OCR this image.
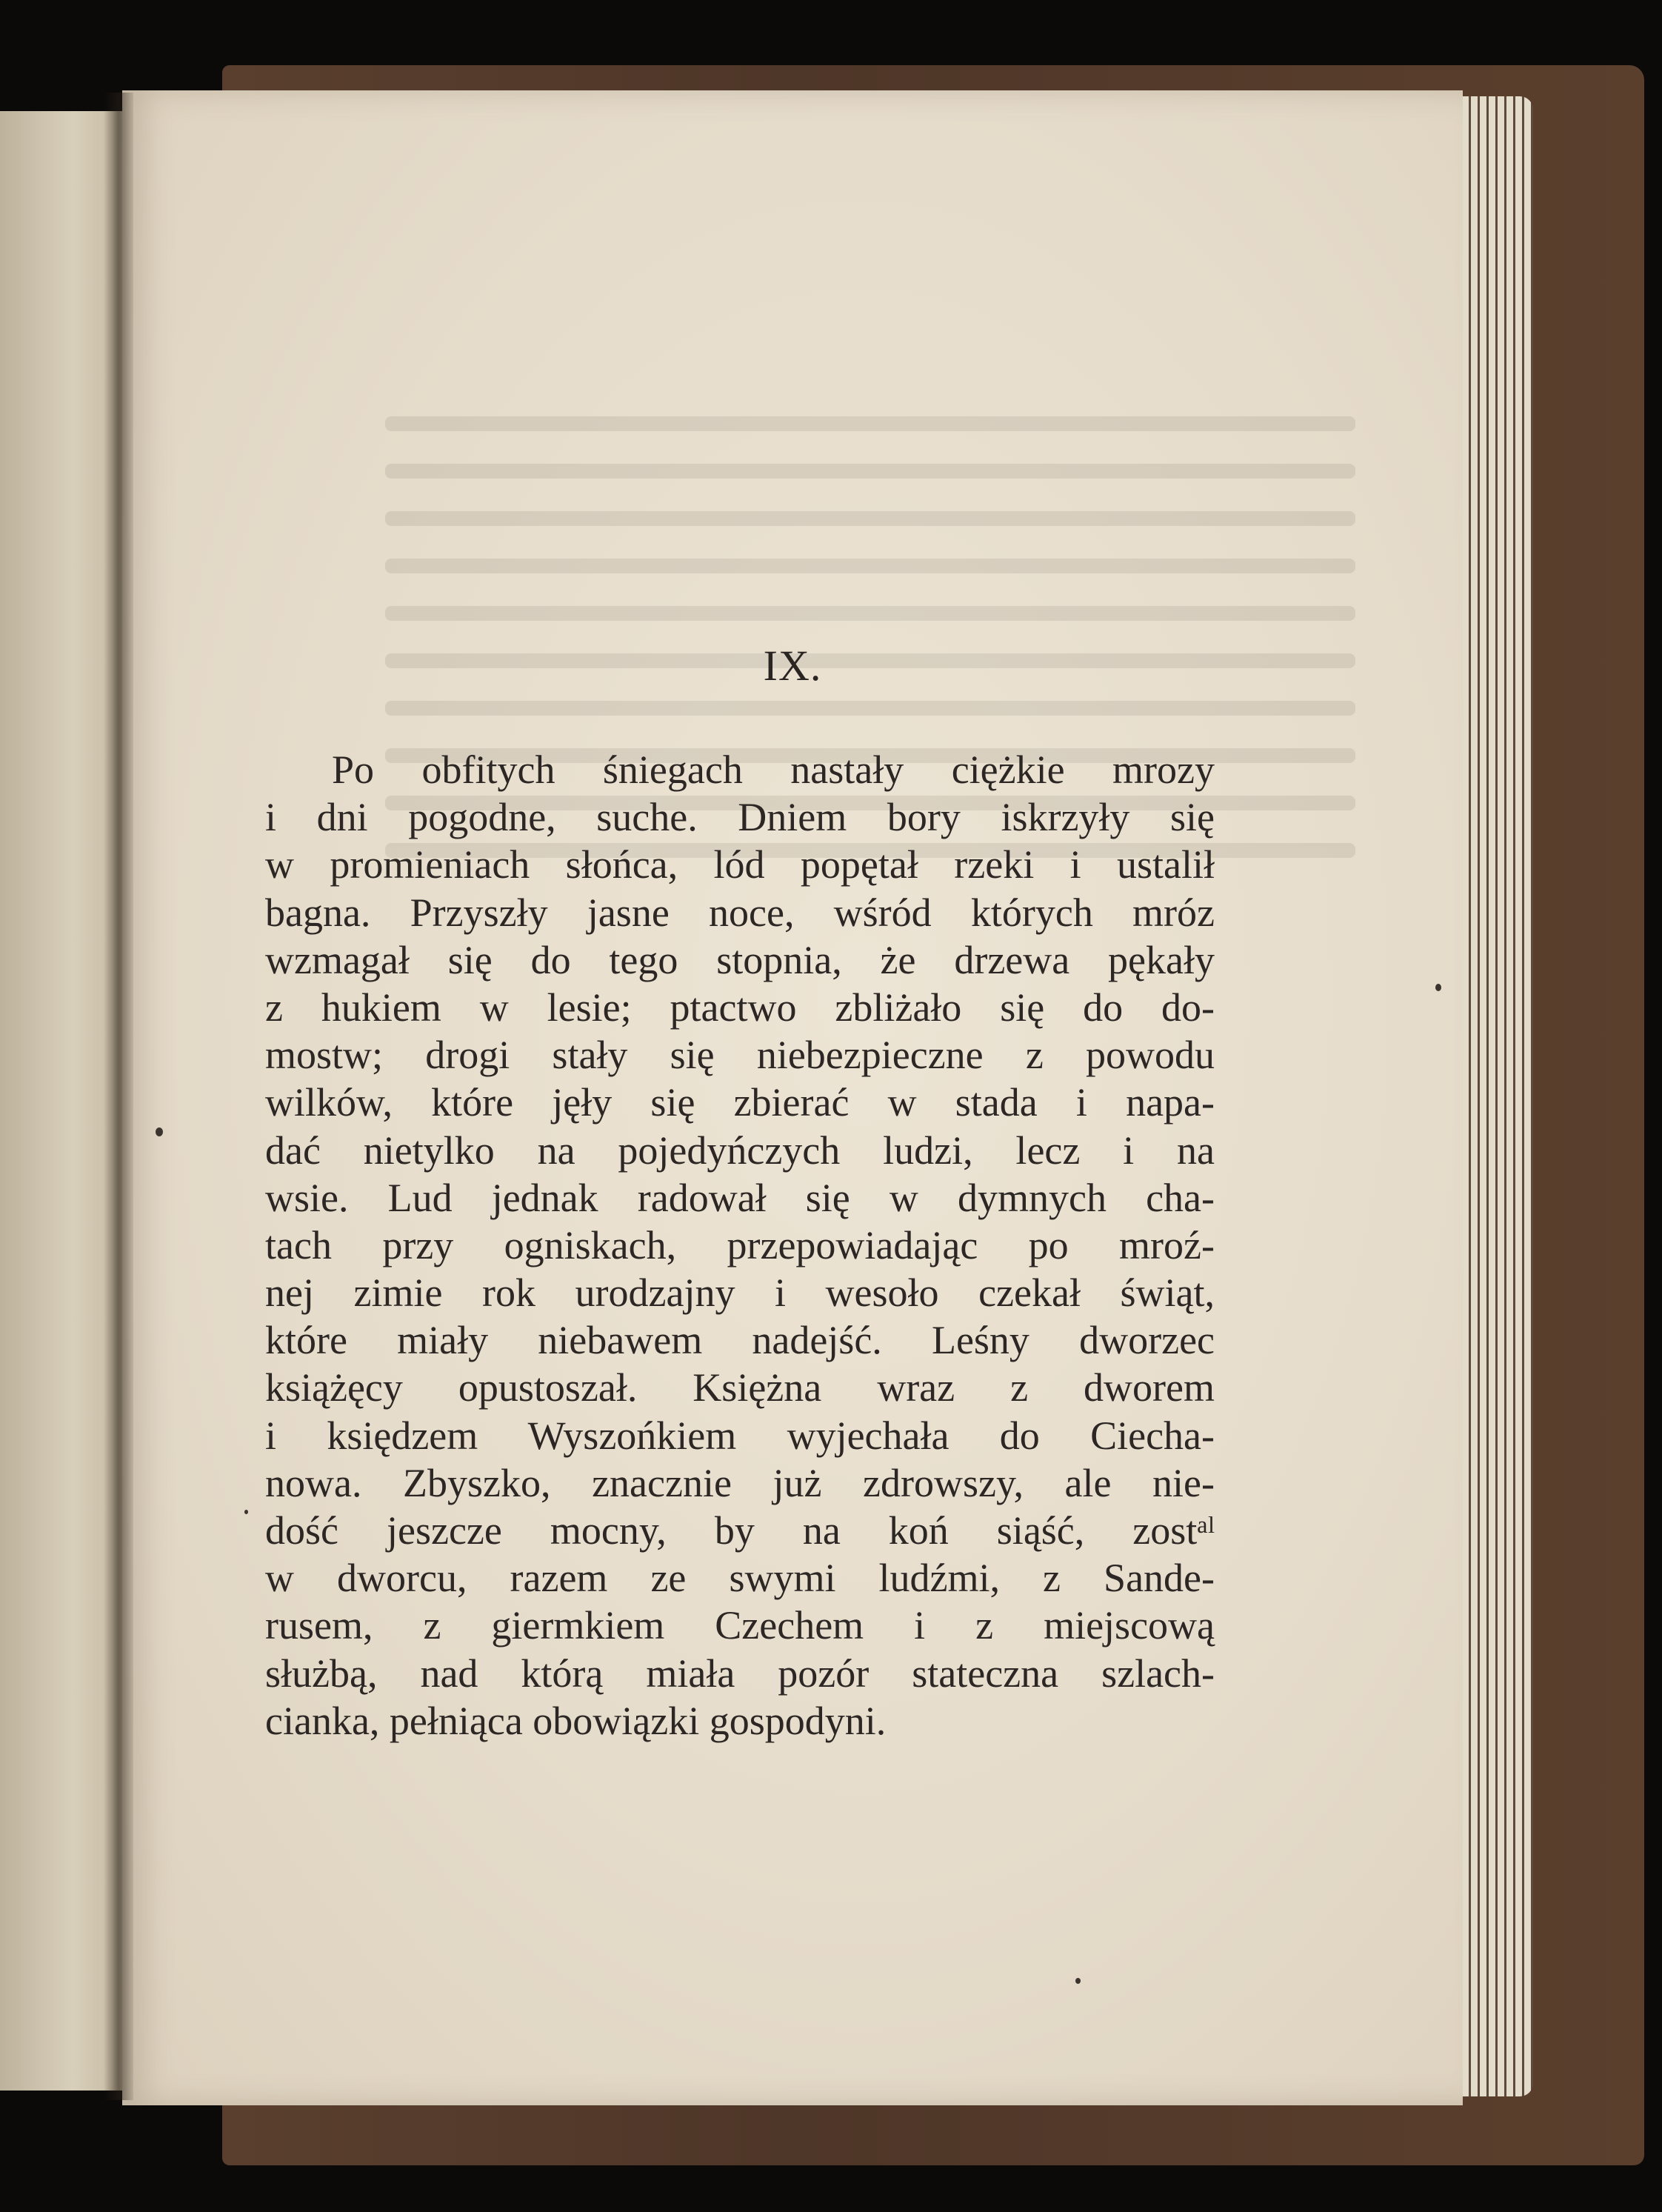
IX.
Po obfitych śniegach nastały ciężkie mrozy
i dni pogodne, suche. Dniem bory iskrzyły się
w promieniach słońca, lód popętał rzeki i ustalił
bagna. Przyszły jasne noce, wśród których mróz
wzmagał się do tego stopnia, że drzewa pękały
z hukiem w lesie; ptactwo zbliżało się do do-
mostw; drogi stały się niebezpieczne z powodu
wilków, które jęły się zbierać w stada i napa-
dać nietylko na pojedyńczych ludzi, lecz i na
wsie. Lud jednak radował się w dymnych cha-
tach przy ogniskach, przepowiadając po mroź-
nej zimie rok urodzajny i wesoło czekał świąt,
które miały niebawem nadejść. Leśny dworzec
książęcy opustoszał. Księżna wraz z dworem
i księdzem Wyszońkiem wyjechała do Ciecha-
nowa. Zbyszko, znacznie już zdrowszy, ale nie-
dość jeszcze mocny, by na koń siąść, zostᵃˡ
w dworcu, razem ze swymi ludźmi, z Sande-
rusem, z giermkiem Czechem i z miejscową
służbą, nad którą miała pozór stateczna szlach-
cianka, pełniąca obowiązki gospodyni.
